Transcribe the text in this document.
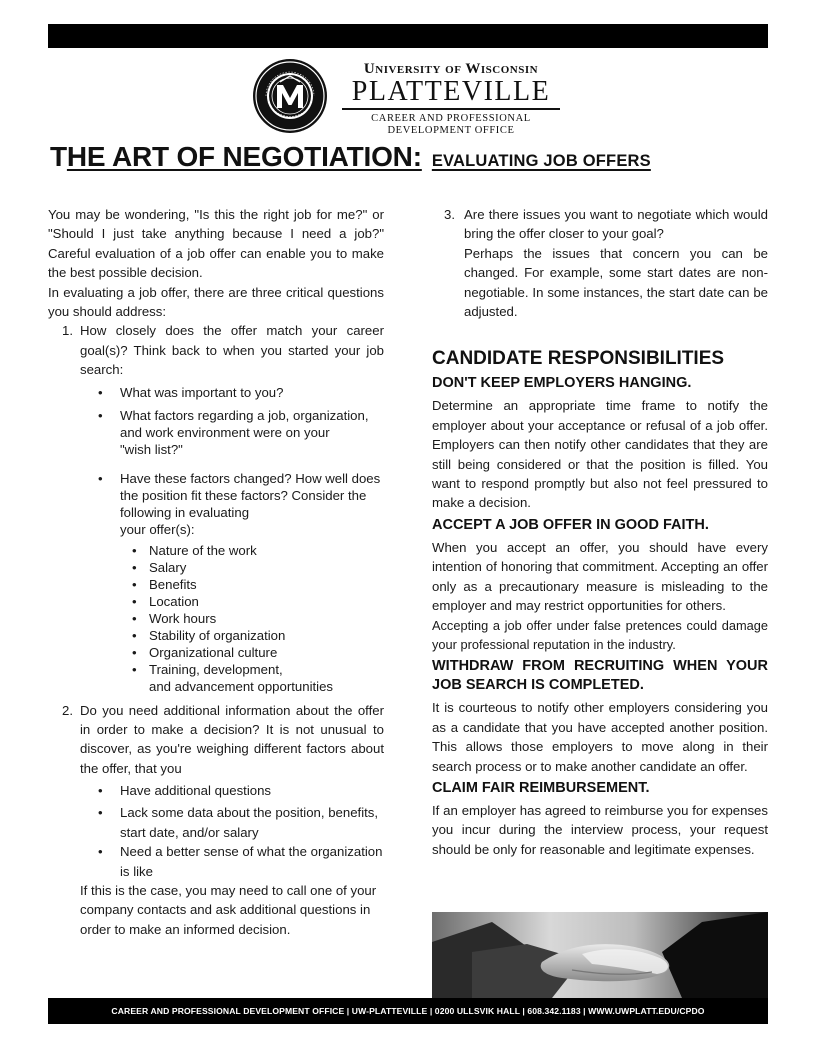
University of Wisconsin
PLATTEVILLE
CAREER AND PROFESSIONAL
DEVELOPMENT OFFICE
THE ART OF NEGOTIATION: EVALUATING JOB OFFERS

You may be wondering, "Is this the right job for me?" or "Should I just take anything because I need a job?" Careful evaluation of a job offer can enable you to make the best possible decision.

In evaluating a job offer, there are three critical questions you should address:

1. How closely does the offer match your career goal(s)? Think back to when you started your job search:
• What was important to you?
• What factors regarding a job, organization, and work environment were on your
"wish list?"
• Have these factors changed? How well does the position fit these factors? Consider the following in evaluating
your offer(s):
• Nature of the work
• Salary
• Benefits
• Location
• Work hours
• Stability of organization
• Organizational culture
• Training, development,
and advancement opportunities
2. Do you need additional information about the offer in order to make a decision? It is not unusual to discover, as you're weighing different factors about the offer, that you
• Have additional questions
• Lack some data about the position, benefits, start date, and/or salary
• Need a better sense of what the organization is like

If this is the case, you may need to call one of your company contacts and ask additional questions in order to make an informed decision.

3. Are there issues you want to negotiate which would bring the offer closer to your goal?

Perhaps the issues that concern you can be changed. For example, some start dates are non-negotiable. In some instances, the start date can be adjusted.

CANDIDATE RESPONSIBILITIES
DON'T KEEP EMPLOYERS HANGING.

Determine an appropriate time frame to notify the employer about your acceptance or refusal of a job offer. Employers can then notify other candidates that they are still being considered or that the position is filled. You want to respond promptly but also not feel pressured to make a decision.

ACCEPT A JOB OFFER IN GOOD FAITH.

When you accept an offer, you should have every intention of honoring that commitment. Accepting an offer only as a precautionary measure is misleading to the employer and may restrict opportunities for others.

Accepting a job offer under false pretences could damage your professional reputation in the industry.

WITHDRAW FROM RECRUITING WHEN YOUR JOB SEARCH IS COMPLETED.

It is courteous to notify other employers considering you as a candidate that you have accepted another position. This allows those employers to move along in their search process or to make another candidate an offer.

CLAIM FAIR REIMBURSEMENT.

If an employer has agreed to reimburse you for expenses you incur during the interview process, your request should be only for reasonable and legitimate expenses.

CAREER AND PROFESSIONAL DEVELOPMENT OFFICE | UW-PLATTEVILLE | 0200 ULLSVIK HALL | 608.342.1183 | WWW.UWPLATT.EDU/CPDO
